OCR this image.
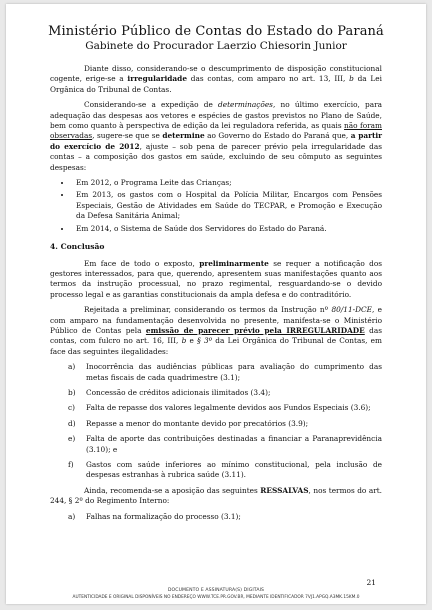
Ministério Público de Contas do Estado do Paraná
Gabinete do Procurador Laerzio Chiesorin Junior

Diante disso, considerando-se o descumprimento de disposição constitucional cogente, erige-se a irregularidade das contas, com amparo no art. 13, III, b da Lei Orgânica do Tribunal de Contas.

Considerando-se a expedição de determinações, no último exercício, para adequação das despesas aos vetores e espécies de gastos previstos no Plano de Saúde, bem como quanto à perspectiva de edição da lei reguladora referida, as quais não foram observadas, sugere-se que se determine ao Governo do Estado do Paraná que, a partir do exercício de 2012, ajuste – sob pena de parecer prévio pela irregularidade das contas – a composição dos gastos em saúde, excluindo de seu cômputo as seguintes despesas:

• Em 2012, o Programa Leite das Crianças;
• Em 2013, os gastos com o Hospital da Polícia Militar, Encargos com Pensões Especiais, Gestão de Atividades em Saúde do TECPAR, e Promoção e Execução da Defesa Sanitária Animal;
• Em 2014, o Sistema de Saúde dos Servidores do Estado do Paraná.
4. Conclusão

Em face de todo o exposto, preliminarmente se requer a notificação dos gestores interessados, para que, querendo, apresentem suas manifestações quanto aos termos da instrução processual, no prazo regimental, resguardando-se o devido processo legal e as garantias constitucionais da ampla defesa e do contraditório.

Rejeitada a preliminar, considerando os termos da Instrução nº 80/11-DCE, e com amparo na fundamentação desenvolvida no presente, manifesta-se o Ministério Público de Contas pela emissão de parecer prévio pela IRREGULARIDADE das contas, com fulcro no art. 16, III, b e § 3º da Lei Orgânica do Tribunal de Contas, em face das seguintes ilegalidades:

a) Inocorrência das audiências públicas para avaliação do cumprimento das metas fiscais de cada quadrimestre (3.1);
b) Concessão de créditos adicionais ilimitados (3.4);
c) Falta de repasse dos valores legalmente devidos aos Fundos Especiais (3.6);
d) Repasse a menor do montante devido por precatórios (3.9);
e) Falta de aporte das contribuições destinadas a financiar a Paranaprevidência (3.10); e
f) Gastos com saúde inferiores ao mínimo constitucional, pela inclusão de despesas estranhas à rubrica saúde (3.11).

Ainda, recomenda-se a aposição das seguintes RESSALVAS, nos termos do art. 244, § 2º do Regimento Interno:

a) Falhas na formalização do processo (3.1);
21
DOCUMENTO E ASSINATURA(S) DIGITAIS
AUTENTICIDADE E ORIGINAL DISPONÍVEIS NO ENDEREÇO WWW.TCE.PR.GOV.BR, MEDIANTE IDENTIFICADOR 7VJ1.APGQ.A3MK.15KM.0
